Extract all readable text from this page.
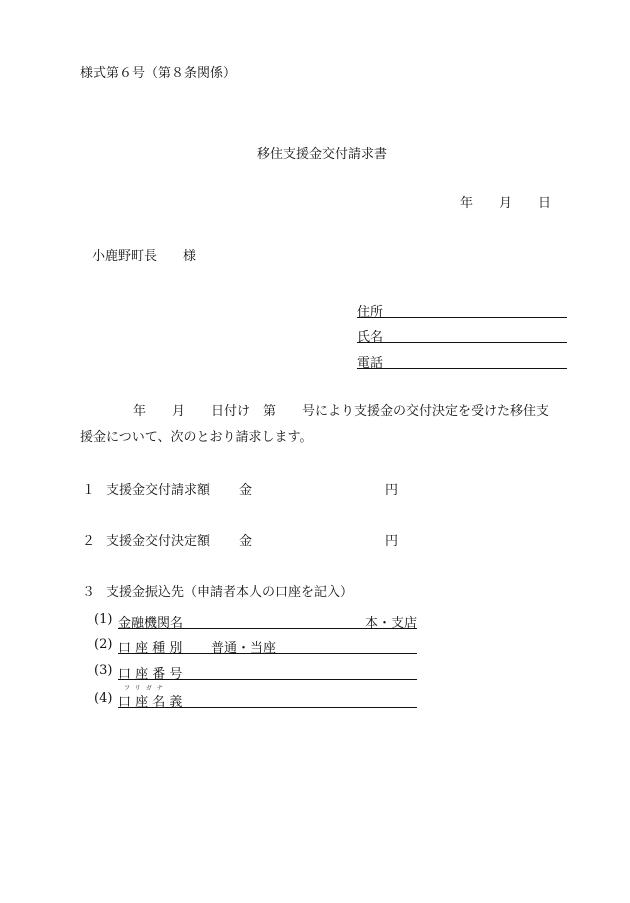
様式第６号（第８条関係）
移住支援金交付請求書
年　　月　　日
小鹿野町長　　様
住所
氏名
電話
年　　月　　日付け　第　　号により支援金の交付決定を受けた移住支
援金について、次のとおり請求します。
１ 支援金交付請求額 金	円
２ 支援金交付決定額 金	円
３ 支援金振込先（申請者本人の口座を記入）
(1) 金融機関名	本・支店
(2) 口 座 種 別 普通・当座
(3) 口 座 番 号
フリガナ
(4) 口 座 名 義
